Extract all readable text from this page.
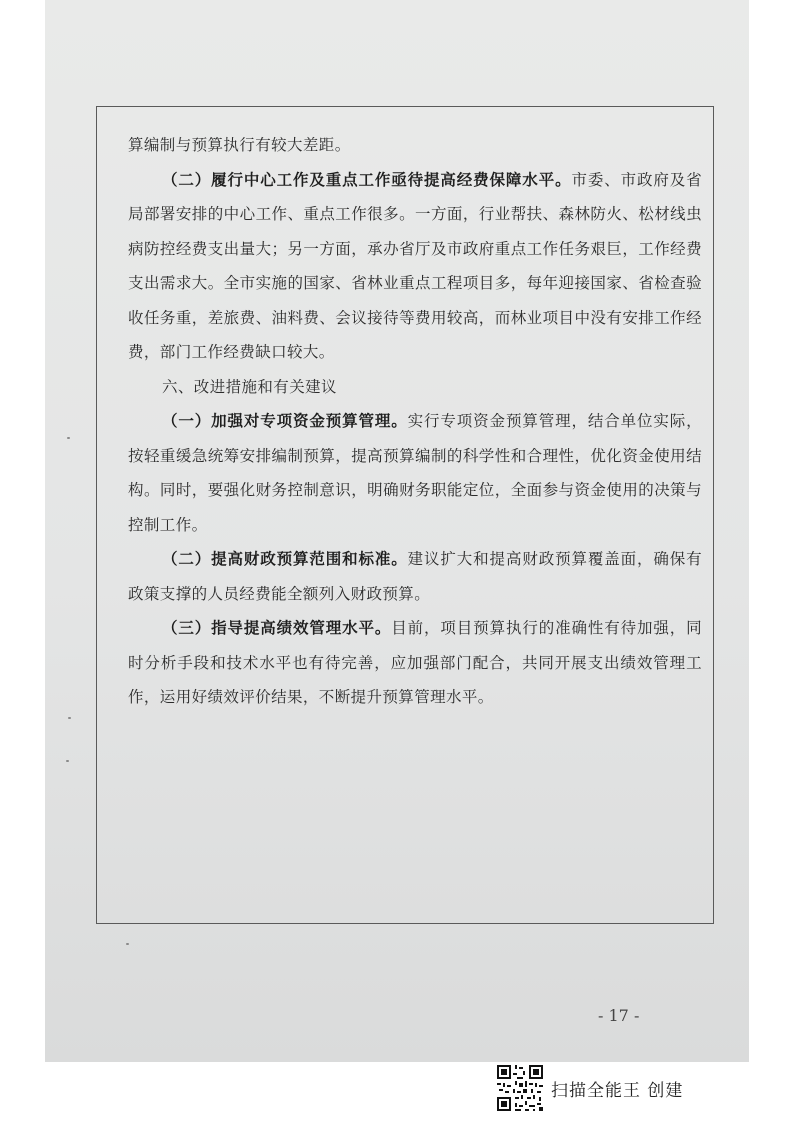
算编制与预算执行有较大差距。

（二）履行中心工作及重点工作亟待提高经费保障水平。市委、市政府及省局部署安排的中心工作、重点工作很多。一方面，行业帮扶、森林防火、松材线虫病防控经费支出量大；另一方面，承办省厅及市政府重点工作任务艰巨，工作经费支出需求大。全市实施的国家、省林业重点工程项目多，每年迎接国家、省检查验收任务重，差旅费、油料费、会议接待等费用较高，而林业项目中没有安排工作经费，部门工作经费缺口较大。

六、改进措施和有关建议

（一）加强对专项资金预算管理。实行专项资金预算管理，结合单位实际，按轻重缓急统筹安排编制预算，提高预算编制的科学性和合理性，优化资金使用结构。同时，要强化财务控制意识，明确财务职能定位，全面参与资金使用的决策与控制工作。

（二）提高财政预算范围和标准。建议扩大和提高财政预算覆盖面，确保有政策支撑的人员经费能全额列入财政预算。

（三）指导提高绩效管理水平。目前，项目预算执行的准确性有待加强，同时分析手段和技术水平也有待完善，应加强部门配合，共同开展支出绩效管理工作，运用好绩效评价结果，不断提升预算管理水平。

- 17 -
扫描全能王 创建
